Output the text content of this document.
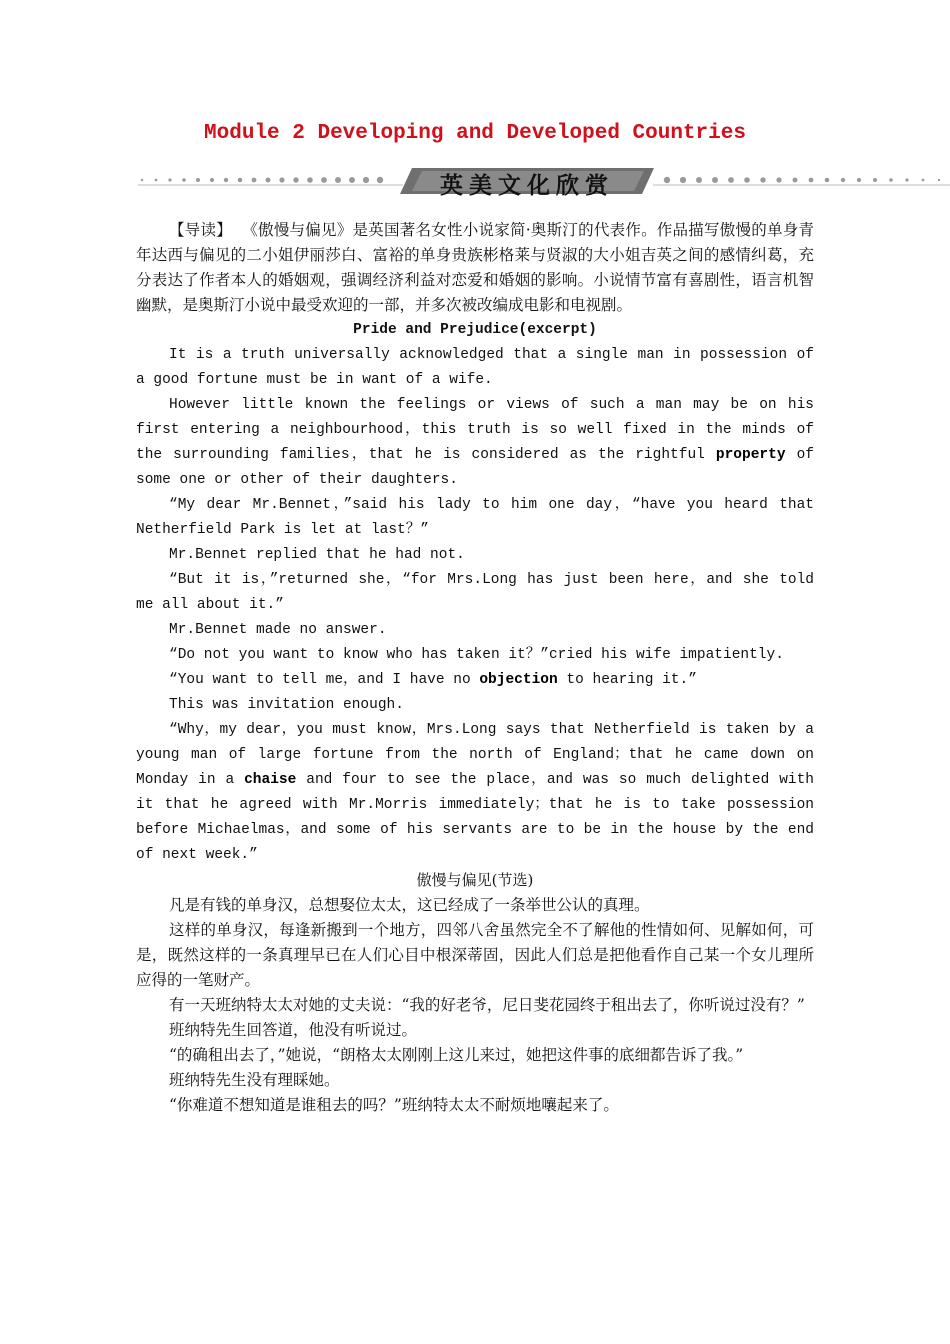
Module 2 Developing and Developed Countries
英美文化欣赏

【导读】 《傲慢与偏见》是英国著名女性小说家简·奥斯汀的代表作。作品描写傲慢的单身青年达西与偏见的二小姐伊丽莎白、富裕的单身贵族彬格莱与贤淑的大小姐吉英之间的感情纠葛，充分表达了作者本人的婚姻观，强调经济利益对恋爱和婚姻的影响。小说情节富有喜剧性，语言机智幽默，是奥斯汀小说中最受欢迎的一部，并多次被改编成电影和电视剧。

Pride and Prejudice(excerpt)

It is a truth universally acknowledged that a single man in possession of a good fortune must be in want of a wife.

However little known the feelings or views of such a man may be on his first entering a neighbourhood，this truth is so well fixed in the minds of the surrounding families，that he is considered as the rightful property of some one or other of their daughters.

“My dear Mr.Bennet，”said his lady to him one day，“have you heard that Netherfield Park is let at last？”

Mr.Bennet replied that he had not.

“But it is，”returned she，“for Mrs.Long has just been here，and she told me all about it.”

Mr.Bennet made no answer.

“Do not you want to know who has taken it？”cried his wife impatiently.

“You want to tell me，and I have no objection to hearing it.”

This was invitation enough.

“Why，my dear，you must know，Mrs.Long says that Netherfield is taken by a young man of large fortune from the north of England；that he came down on Monday in a chaise and four to see the place，and was so much delighted with it that he agreed with Mr.Morris immediately；that he is to take possession before Michaelmas，and some of his servants are to be in the house by the end of next week.”

傲慢与偏见(节选)

凡是有钱的单身汉，总想娶位太太，这已经成了一条举世公认的真理。

这样的单身汉，每逢新搬到一个地方，四邻八舍虽然完全不了解他的性情如何、见解如何，可是，既然这样的一条真理早已在人们心目中根深蒂固，因此人们总是把他看作自己某一个女儿理所应得的一笔财产。

有一天班纳特太太对她的丈夫说：“我的好老爷，尼日斐花园终于租出去了，你听说过没有？”

班纳特先生回答道，他没有听说过。

“的确租出去了，”她说，“朗格太太刚刚上这儿来过，她把这件事的底细都告诉了我。”

班纳特先生没有理睬她。

“你难道不想知道是谁租去的吗？”班纳特太太不耐烦地嚷起来了。
